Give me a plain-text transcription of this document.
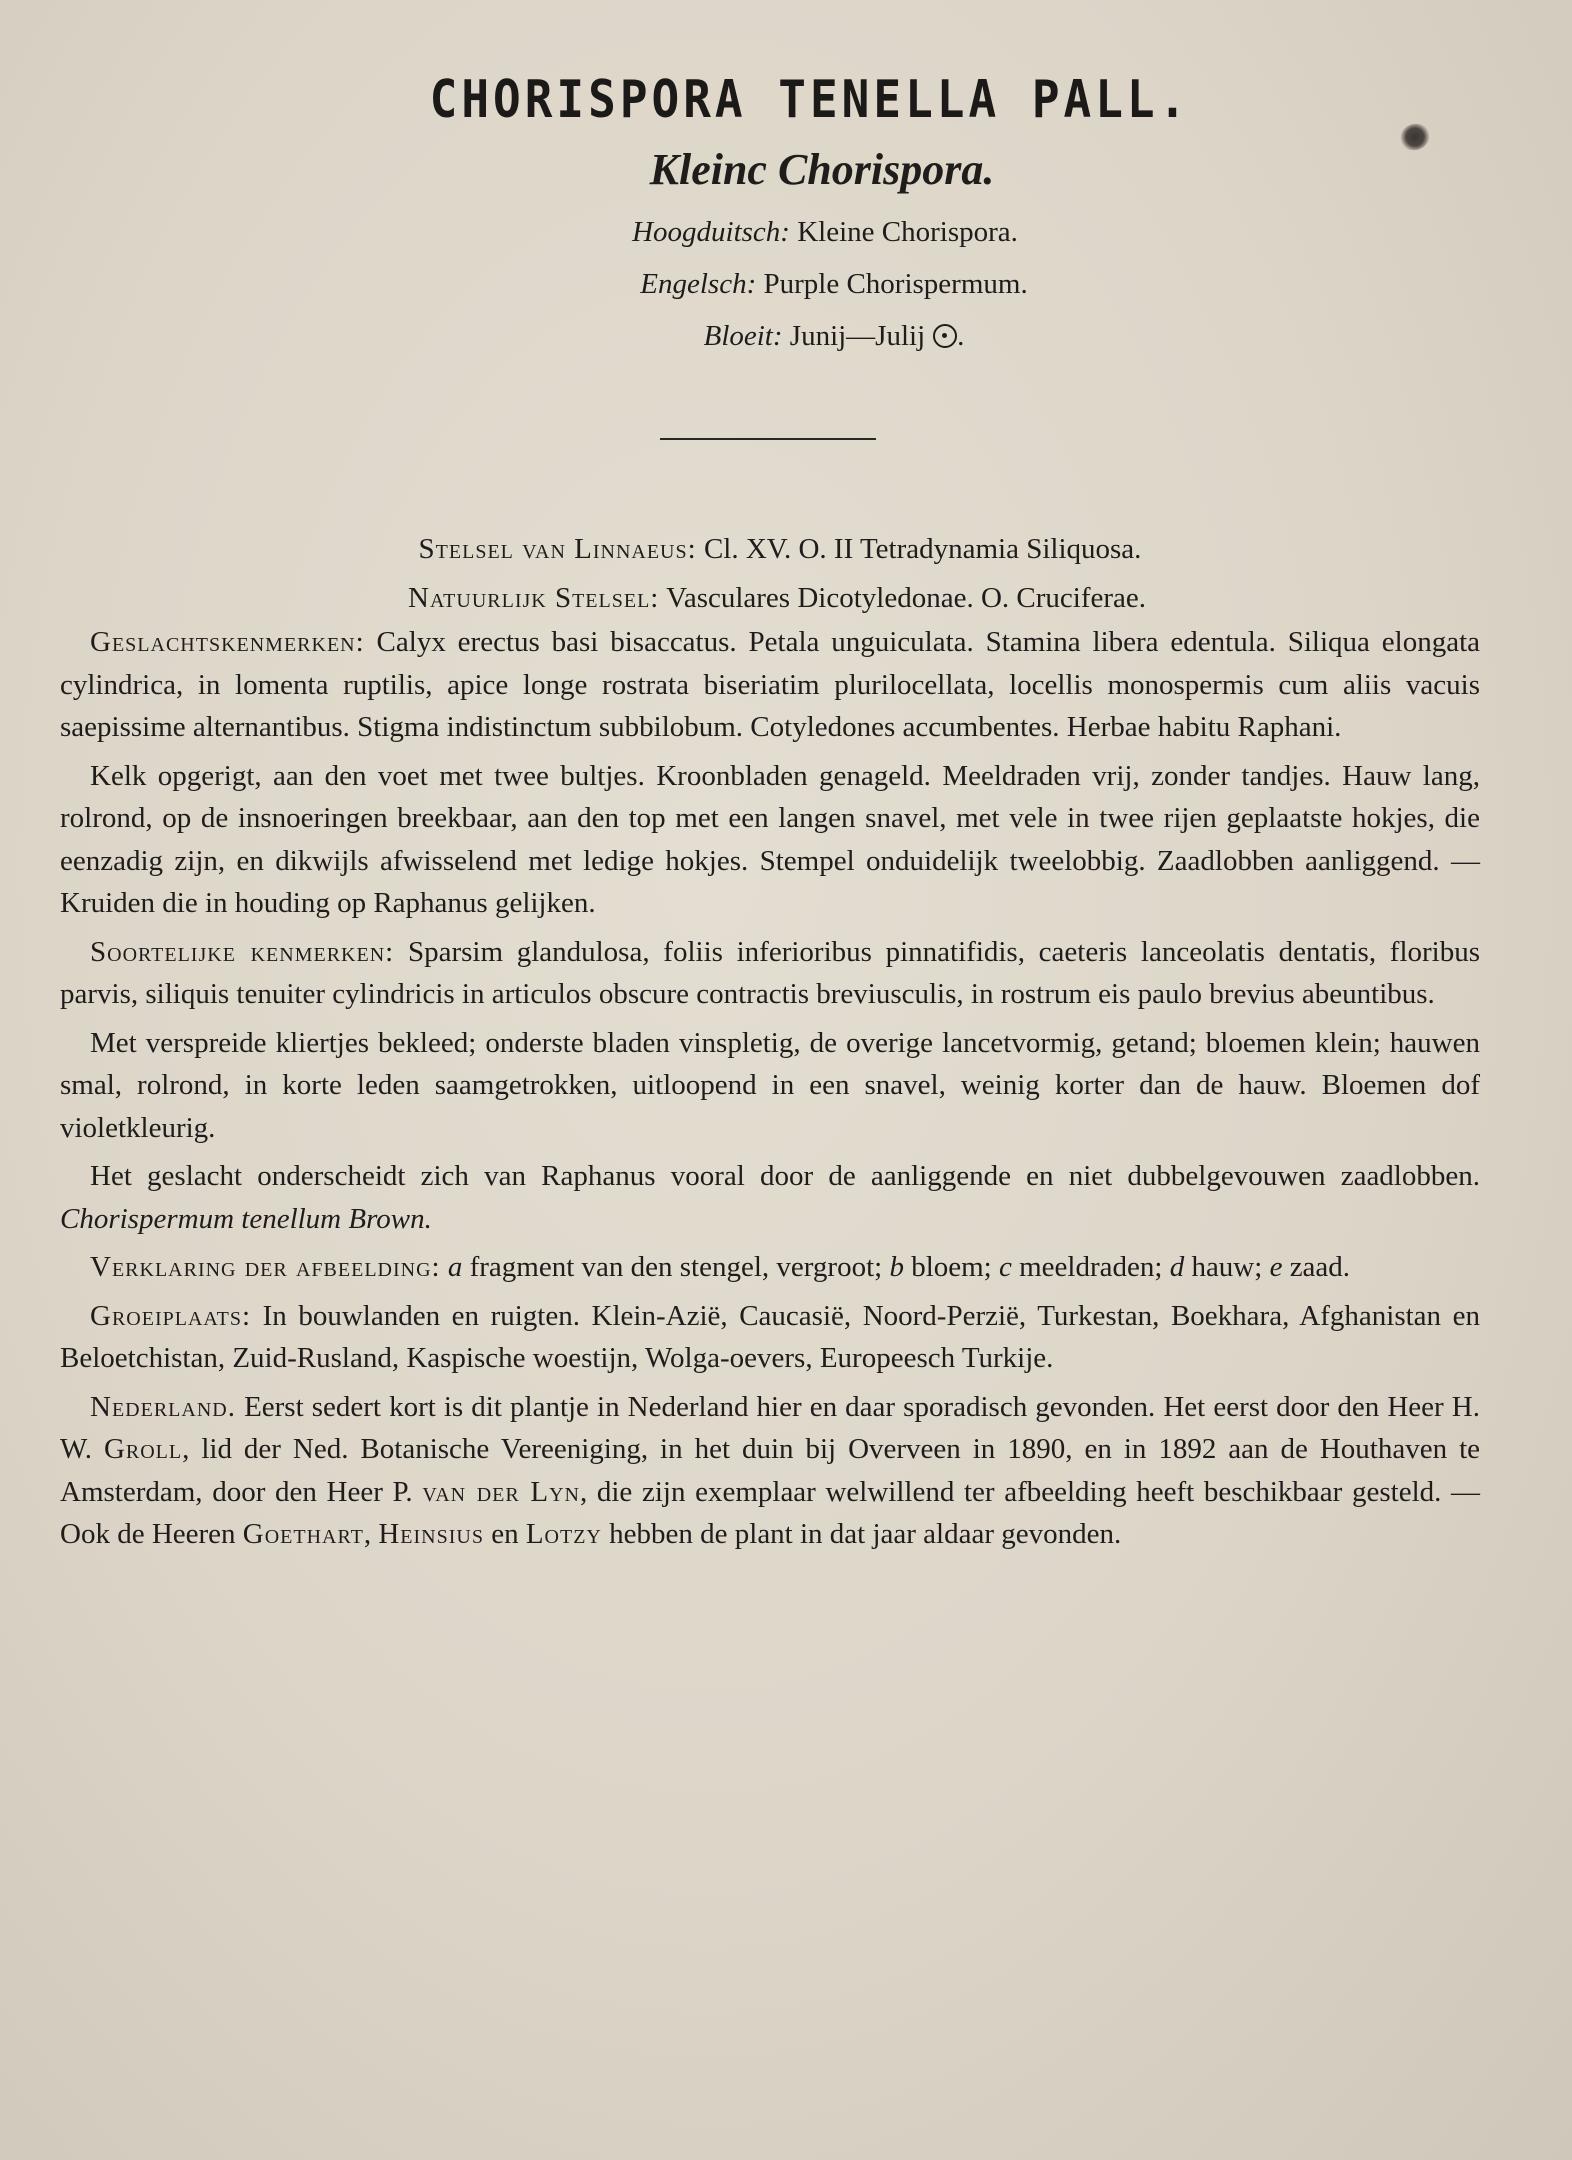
CHORISPORA TENELLA PALL.
Kleinc Chorispora.
Hoogduitsch: Kleine Chorispora.
Engelsch: Purple Chorispermum.
Bloeit: Junij—Julij .

Stelsel van Linnaeus: Cl. XV. O. II Tetradynamia Siliquosa.

Natuurlijk Stelsel: Vasculares Dicotyledonae. O. Cruciferae.

Geslachtskenmerken: Calyx erectus basi bisaccatus. Petala unguiculata. Stamina libera edentula. Siliqua elongata cylindrica, in lomenta ruptilis, apice longe rostrata biseriatim plurilocellata, locellis monospermis cum aliis vacuis saepissime alternantibus. Stigma indistinctum subbilobum. Cotyledones accumbentes. Herbae habitu Raphani.

Kelk opgerigt, aan den voet met twee bultjes. Kroonbladen genageld. Meeldraden vrij, zonder tandjes. Hauw lang, rolrond, op de insnoeringen breekbaar, aan den top met een langen snavel, met vele in twee rijen geplaatste hokjes, die eenzadig zijn, en dikwijls afwisselend met ledige hokjes. Stempel onduidelijk tweelobbig. Zaadlobben aanliggend. — Kruiden die in houding op Raphanus gelijken.

Soortelijke kenmerken: Sparsim glandulosa, foliis inferioribus pinnatifidis, caeteris lanceolatis dentatis, floribus parvis, siliquis tenuiter cylindricis in articulos obscure contractis breviusculis, in rostrum eis paulo brevius abeuntibus.

Met verspreide kliertjes bekleed; onderste bladen vinspletig, de overige lancetvormig, getand; bloemen klein; hauwen smal, rolrond, in korte leden saamgetrokken, uitloopend in een snavel, weinig korter dan de hauw. Bloemen dof violetkleurig.

Het geslacht onderscheidt zich van Raphanus vooral door de aanliggende en niet dubbelgevouwen zaadlobben. Chorispermum tenellum Brown.

Verklaring der afbeelding: a fragment van den stengel, vergroot; b bloem; c meeldraden; d hauw; e zaad.

Groeiplaats: In bouwlanden en ruigten. Klein-Azië, Caucasië, Noord-Perzië, Turkestan, Boekhara, Afghanistan en Beloetchistan, Zuid-Rusland, Kaspische woestijn, Wolga-oevers, Europeesch Turkije.

Nederland. Eerst sedert kort is dit plantje in Nederland hier en daar sporadisch gevonden. Het eerst door den Heer H. W. Groll, lid der Ned. Botanische Vereeniging, in het duin bij Overveen in 1890, en in 1892 aan de Houthaven te Amsterdam, door den Heer P. van der Lyn, die zijn exemplaar welwillend ter afbeelding heeft beschikbaar gesteld. — Ook de Heeren Goethart, Heinsius en Lotzy hebben de plant in dat jaar aldaar gevonden.
